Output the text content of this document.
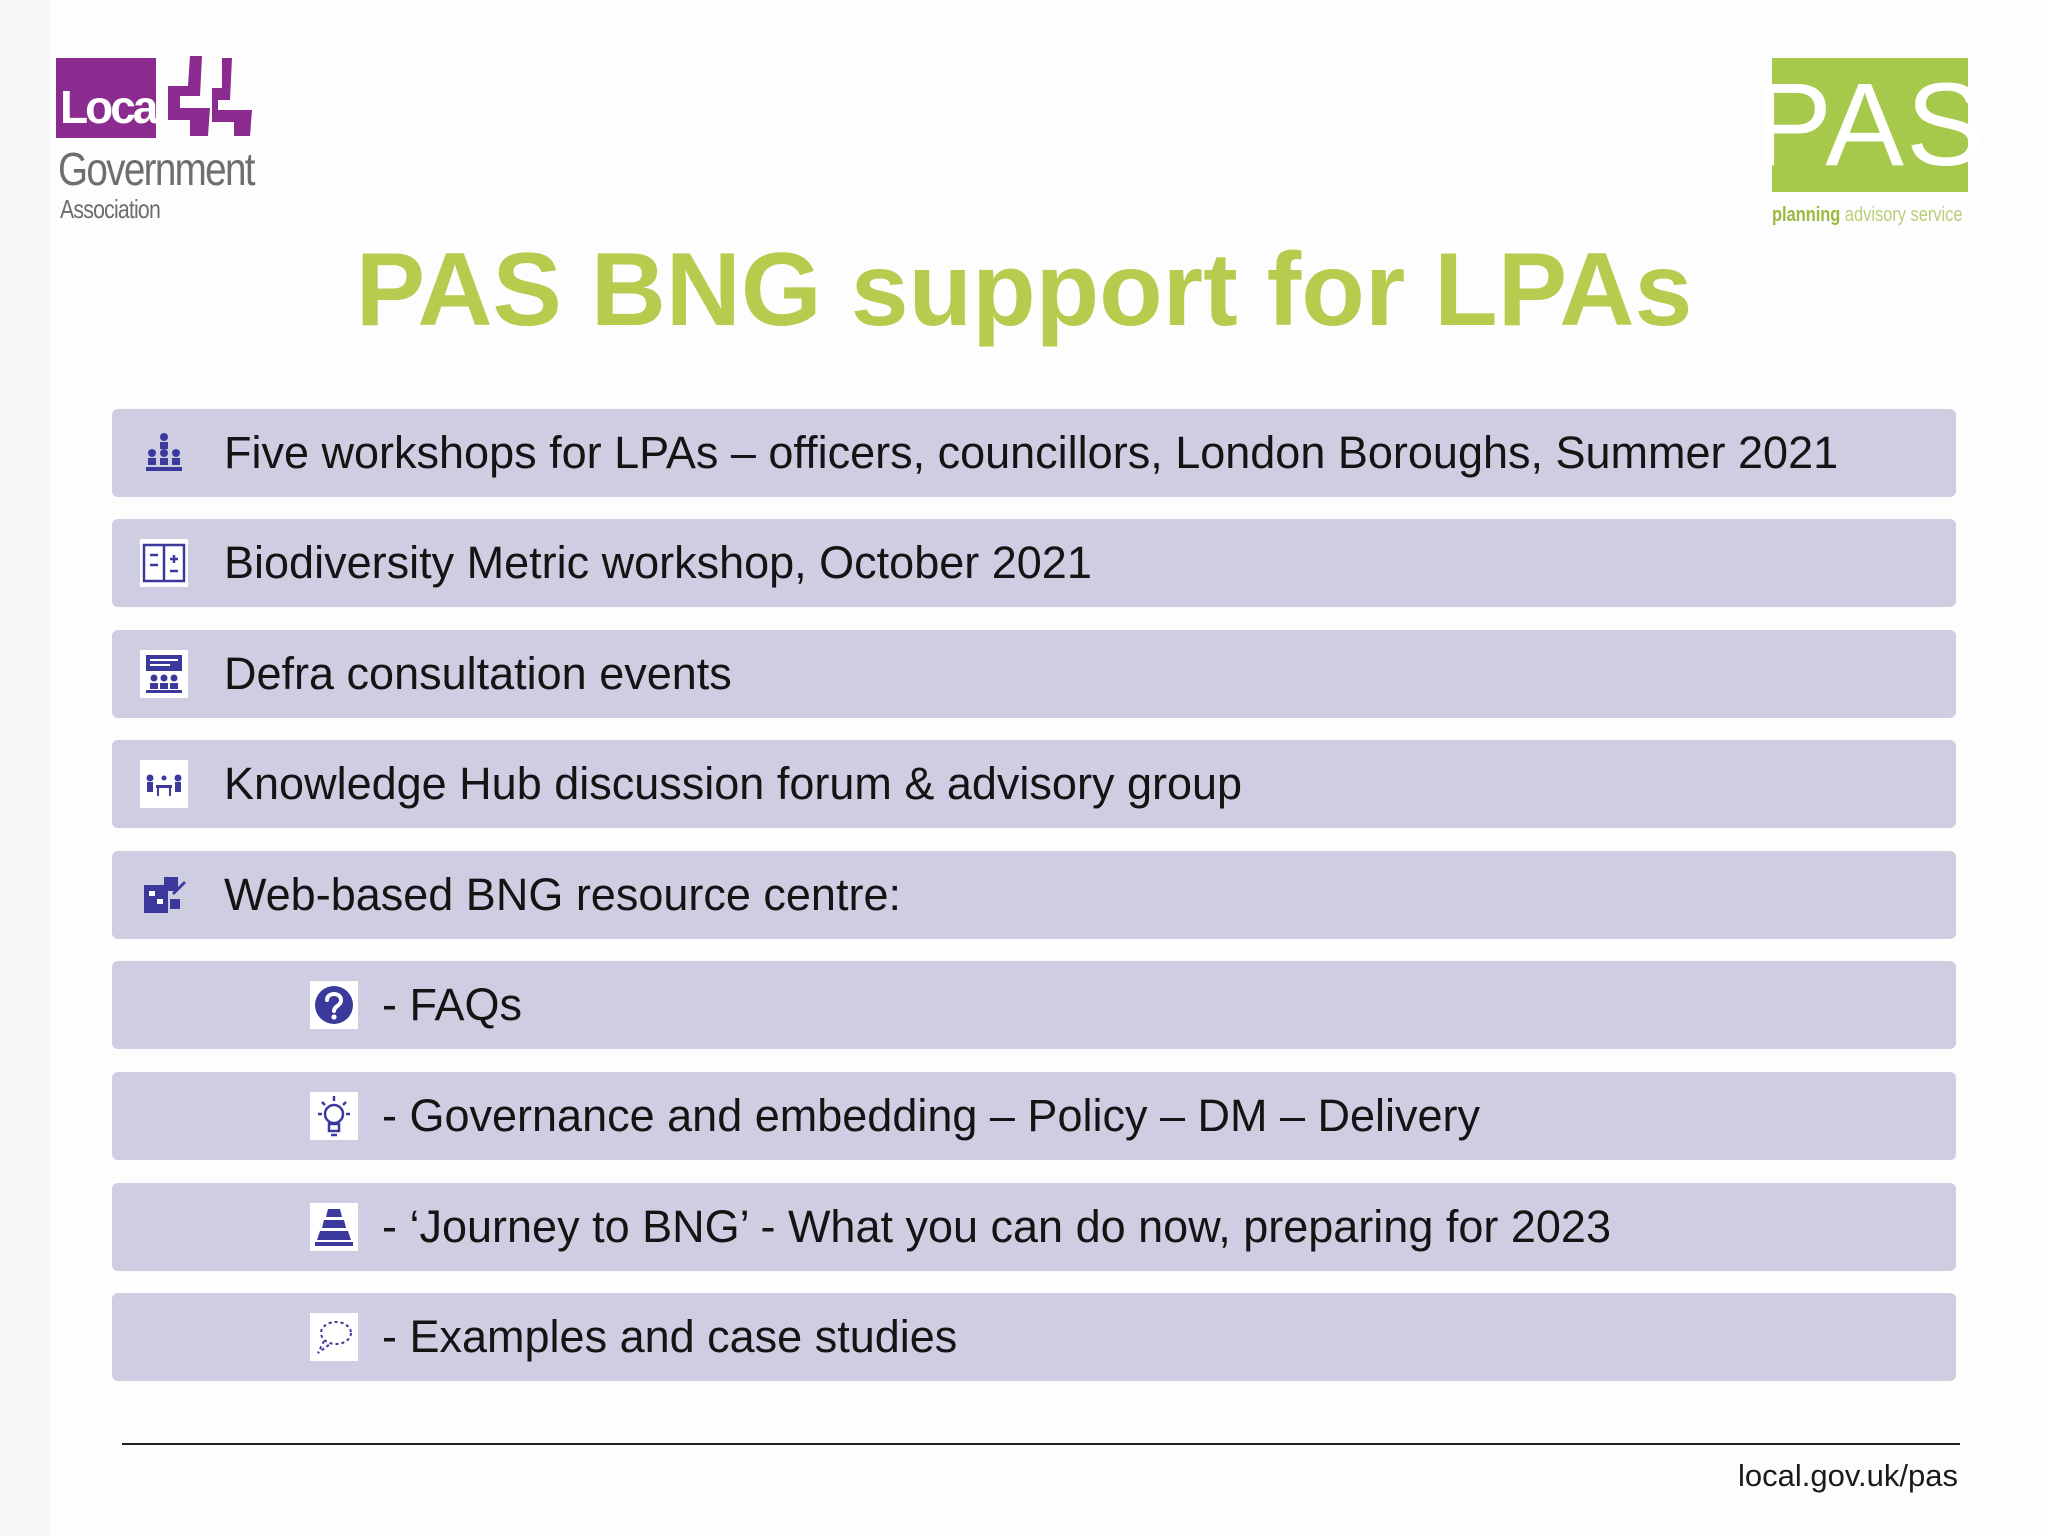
Local
Government
Association
PAS
planning advisory service
PAS BNG support for LPAs
Five workshops for LPAs – officers, councillors, London Boroughs, Summer 2021
Biodiversity Metric workshop, October 2021
Defra consultation events
Knowledge Hub discussion forum & advisory group
Web-based BNG resource centre:
- FAQs
- Governance and embedding – Policy – DM – Delivery
- ‘Journey to BNG’ - What you can do now, preparing for 2023
- Examples and case studies
local.gov.uk/pas
